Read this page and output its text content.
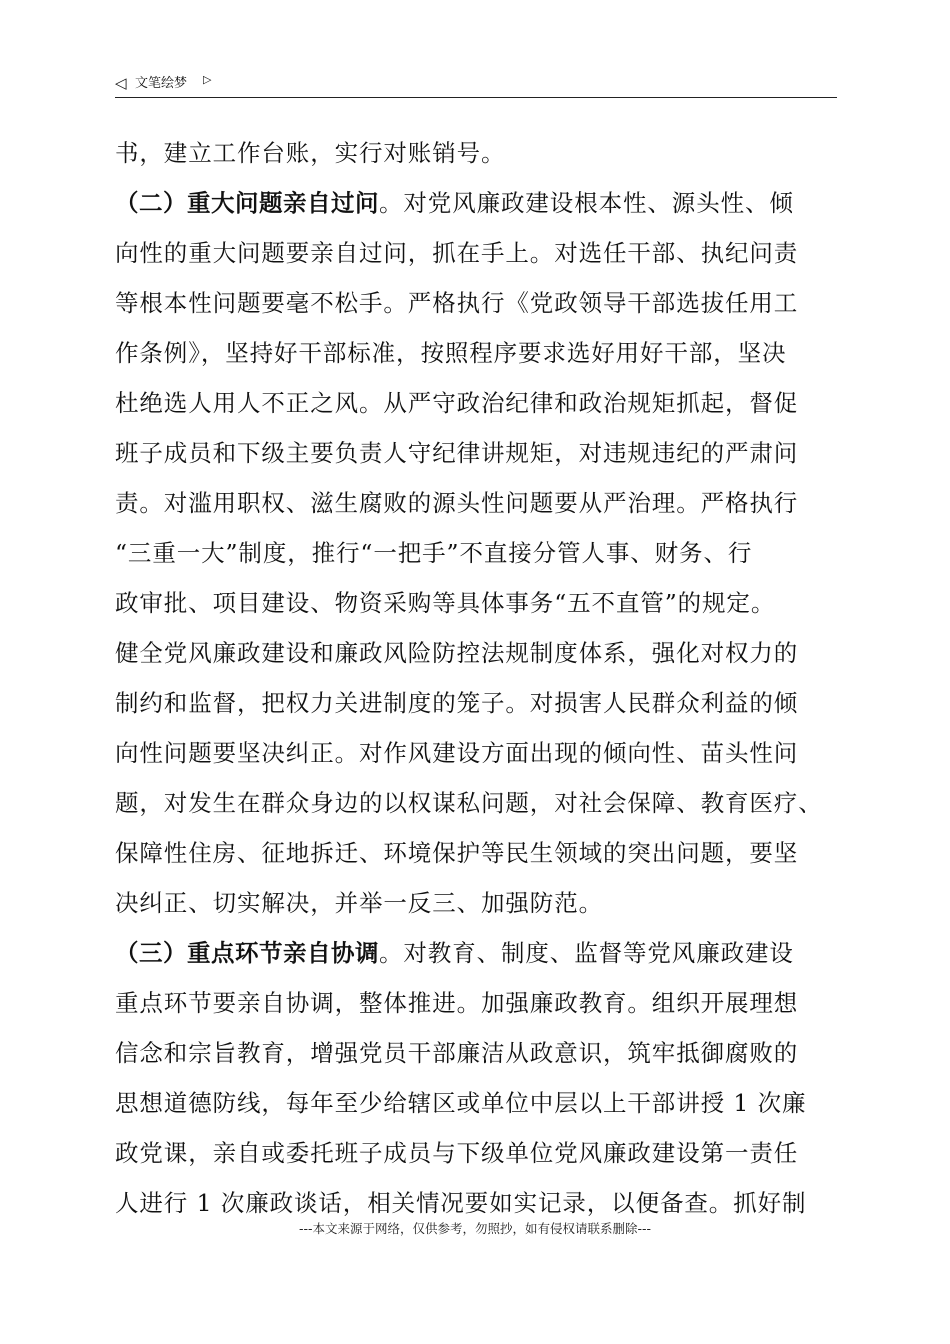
◁ 文笔绘梦 ▷
书，建立工作台账，实行对账销号。
（二）重大问题亲自过问。对党风廉政建设根本性、源头性、倾
向性的重大问题要亲自过问，抓在手上。对选任干部、执纪问责
等根本性问题要毫不松手。严格执行《党政领导干部选拔任用工
作条例》，坚持好干部标准，按照程序要求选好用好干部，坚决
杜绝选人用人不正之风。从严守政治纪律和政治规矩抓起，督促
班子成员和下级主要负责人守纪律讲规矩，对违规违纪的严肃问
责。对滥用职权、滋生腐败的源头性问题要从严治理。严格执行
“三重一大”制度，推行“一把手”不直接分管人事、财务、行
政审批、项目建设、物资采购等具体事务“五不直管”的规定。
健全党风廉政建设和廉政风险防控法规制度体系，强化对权力的
制约和监督，把权力关进制度的笼子。对损害人民群众利益的倾
向性问题要坚决纠正。对作风建设方面出现的倾向性、苗头性问
题，对发生在群众身边的以权谋私问题，对社会保障、教育医疗、
保障性住房、征地拆迁、环境保护等民生领域的突出问题，要坚
决纠正、切实解决，并举一反三、加强防范。
（三）重点环节亲自协调。对教育、制度、监督等党风廉政建设
重点环节要亲自协调，整体推进。加强廉政教育。组织开展理想
信念和宗旨教育，增强党员干部廉洁从政意识，筑牢抵御腐败的
思想道德防线，每年至少给辖区或单位中层以上干部讲授 1 次廉
政党课，亲自或委托班子成员与下级单位党风廉政建设第一责任
人进行 1 次廉政谈话，相关情况要如实记录，以便备查。抓好制
---本文来源于网络，仅供参考，勿照抄，如有侵权请联系删除---
